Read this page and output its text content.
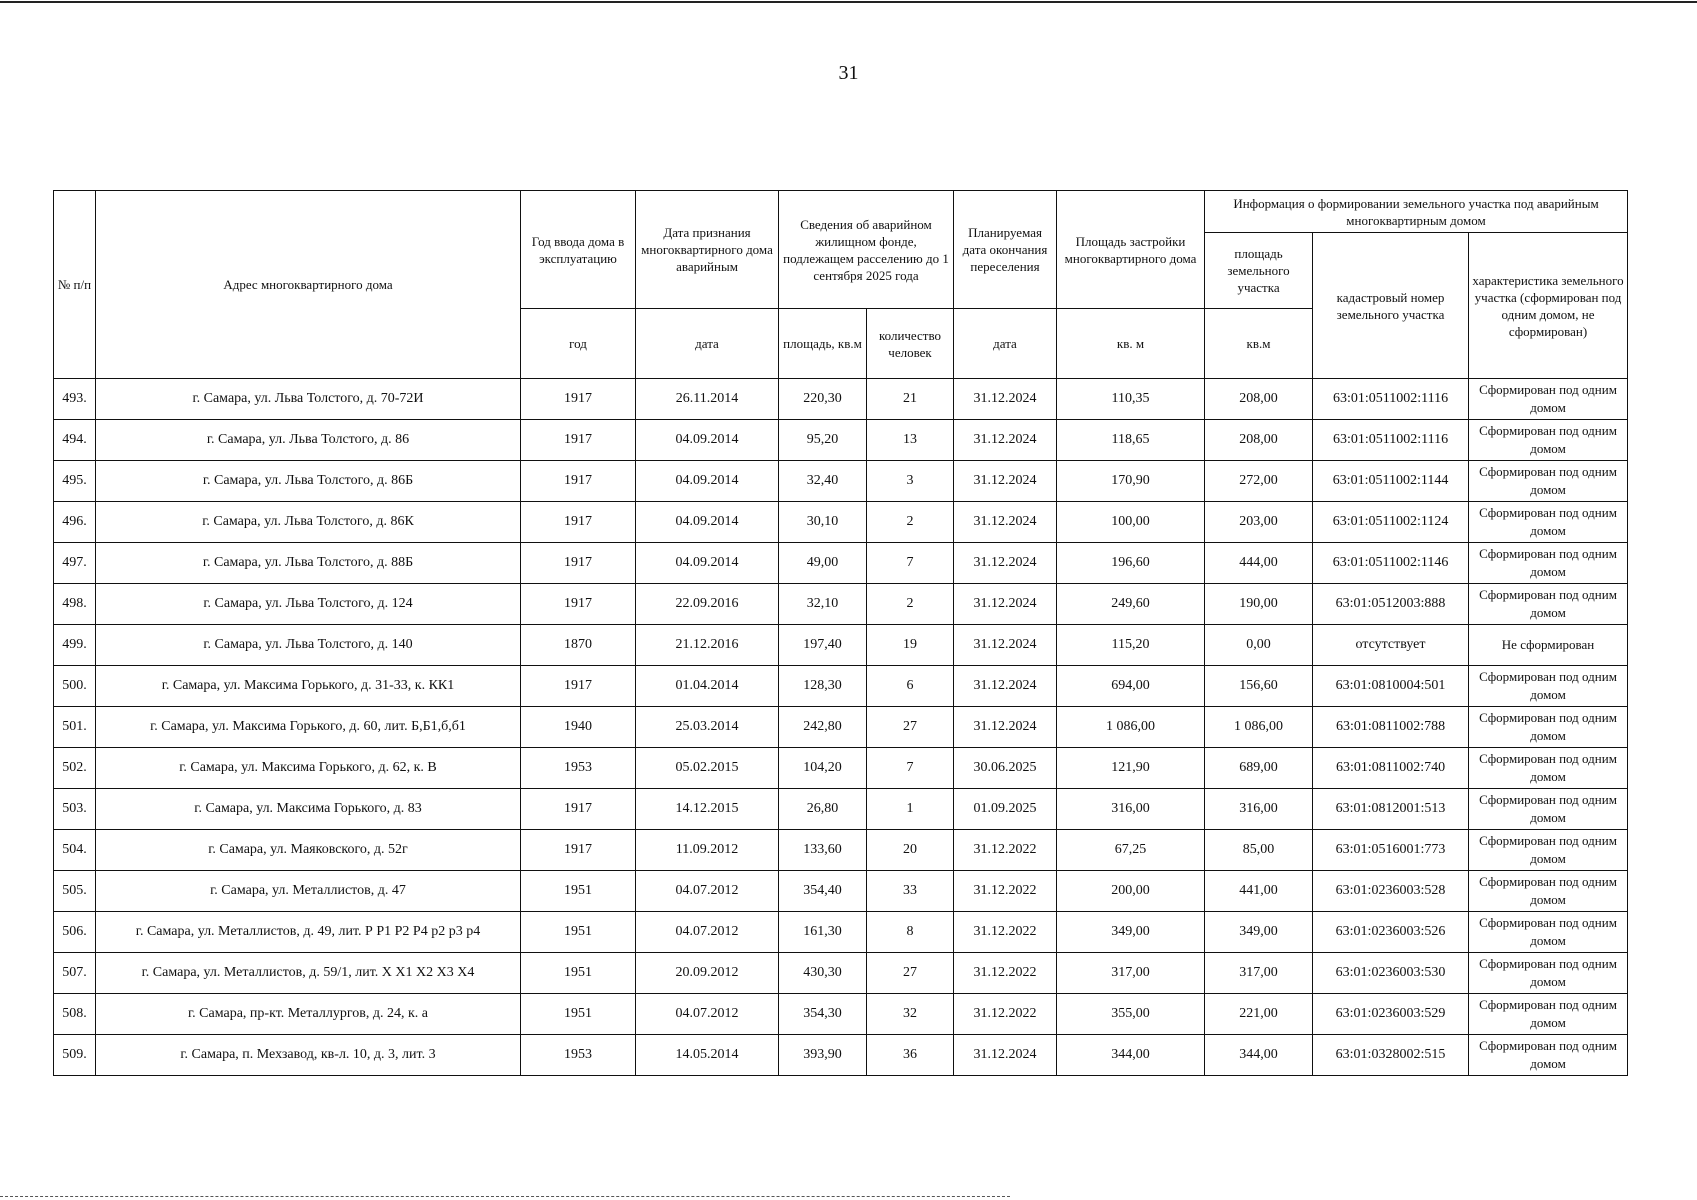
31
№ п/п	Адрес многоквартирного дома	Год ввода дома в эксплуатацию	Дата признания многоквартирного дома аварийным	Сведения об аварийном жилищном фонде, подлежащем расселению до 1 сентября 2025 года		Планируемая дата окончания переселения	Площадь застройки многоквартирного дома	Информация о формировании земельного участка под аварийным многоквартирным домом		
								площадь земельного участка	кадастровый номер земельного участка	характеристика земельного участка (сформирован под одним домом, не сформирован)
		год	дата	площадь, кв.м	количество человек	дата	кв. м	кв.м		
493.	г. Самара, ул. Льва Толстого, д. 70-72И	1917	26.11.2014	220,30	21	31.12.2024	110,35	208,00	63:01:0511002:1116	Сформирован под одним домом
494.	г. Самара, ул. Льва Толстого, д. 86	1917	04.09.2014	95,20	13	31.12.2024	118,65	208,00	63:01:0511002:1116	Сформирован под одним домом
495.	г. Самара, ул. Льва Толстого, д. 86Б	1917	04.09.2014	32,40	3	31.12.2024	170,90	272,00	63:01:0511002:1144	Сформирован под одним домом
496.	г. Самара, ул. Льва Толстого, д. 86К	1917	04.09.2014	30,10	2	31.12.2024	100,00	203,00	63:01:0511002:1124	Сформирован под одним домом
497.	г. Самара, ул. Льва Толстого, д. 88Б	1917	04.09.2014	49,00	7	31.12.2024	196,60	444,00	63:01:0511002:1146	Сформирован под одним домом
498.	г. Самара, ул. Льва Толстого, д. 124	1917	22.09.2016	32,10	2	31.12.2024	249,60	190,00	63:01:0512003:888	Сформирован под одним домом
499.	г. Самара, ул. Льва Толстого, д. 140	1870	21.12.2016	197,40	19	31.12.2024	115,20	0,00	отсутствует	Не сформирован
500.	г. Самара, ул. Максима Горького, д. 31-33, к. КК1	1917	01.04.2014	128,30	6	31.12.2024	694,00	156,60	63:01:0810004:501	Сформирован под одним домом
501.	г. Самара, ул. Максима Горького, д. 60, лит. Б,Б1,б,б1	1940	25.03.2014	242,80	27	31.12.2024	1 086,00	1 086,00	63:01:0811002:788	Сформирован под одним домом
502.	г. Самара, ул. Максима Горького, д. 62, к. В	1953	05.02.2015	104,20	7	30.06.2025	121,90	689,00	63:01:0811002:740	Сформирован под одним домом
503.	г. Самара, ул. Максима Горького, д. 83	1917	14.12.2015	26,80	1	01.09.2025	316,00	316,00	63:01:0812001:513	Сформирован под одним домом
504.	г. Самара, ул. Маяковского, д. 52г	1917	11.09.2012	133,60	20	31.12.2022	67,25	85,00	63:01:0516001:773	Сформирован под одним домом
505.	г. Самара, ул. Металлистов, д. 47	1951	04.07.2012	354,40	33	31.12.2022	200,00	441,00	63:01:0236003:528	Сформирован под одним домом
506.	г. Самара, ул. Металлистов, д. 49, лит. Р Р1 Р2 Р4 р2 р3 р4	1951	04.07.2012	161,30	8	31.12.2022	349,00	349,00	63:01:0236003:526	Сформирован под одним домом
507.	г. Самара, ул. Металлистов, д. 59/1, лит. Х Х1 Х2 Х3 Х4	1951	20.09.2012	430,30	27	31.12.2022	317,00	317,00	63:01:0236003:530	Сформирован под одним домом
508.	г. Самара, пр-кт. Металлургов, д. 24, к. а	1951	04.07.2012	354,30	32	31.12.2022	355,00	221,00	63:01:0236003:529	Сформирован под одним домом
509.	г. Самара, п. Мехзавод, кв-л. 10, д. 3, лит. 3	1953	14.05.2014	393,90	36	31.12.2024	344,00	344,00	63:01:0328002:515	Сформирован под одним домом
